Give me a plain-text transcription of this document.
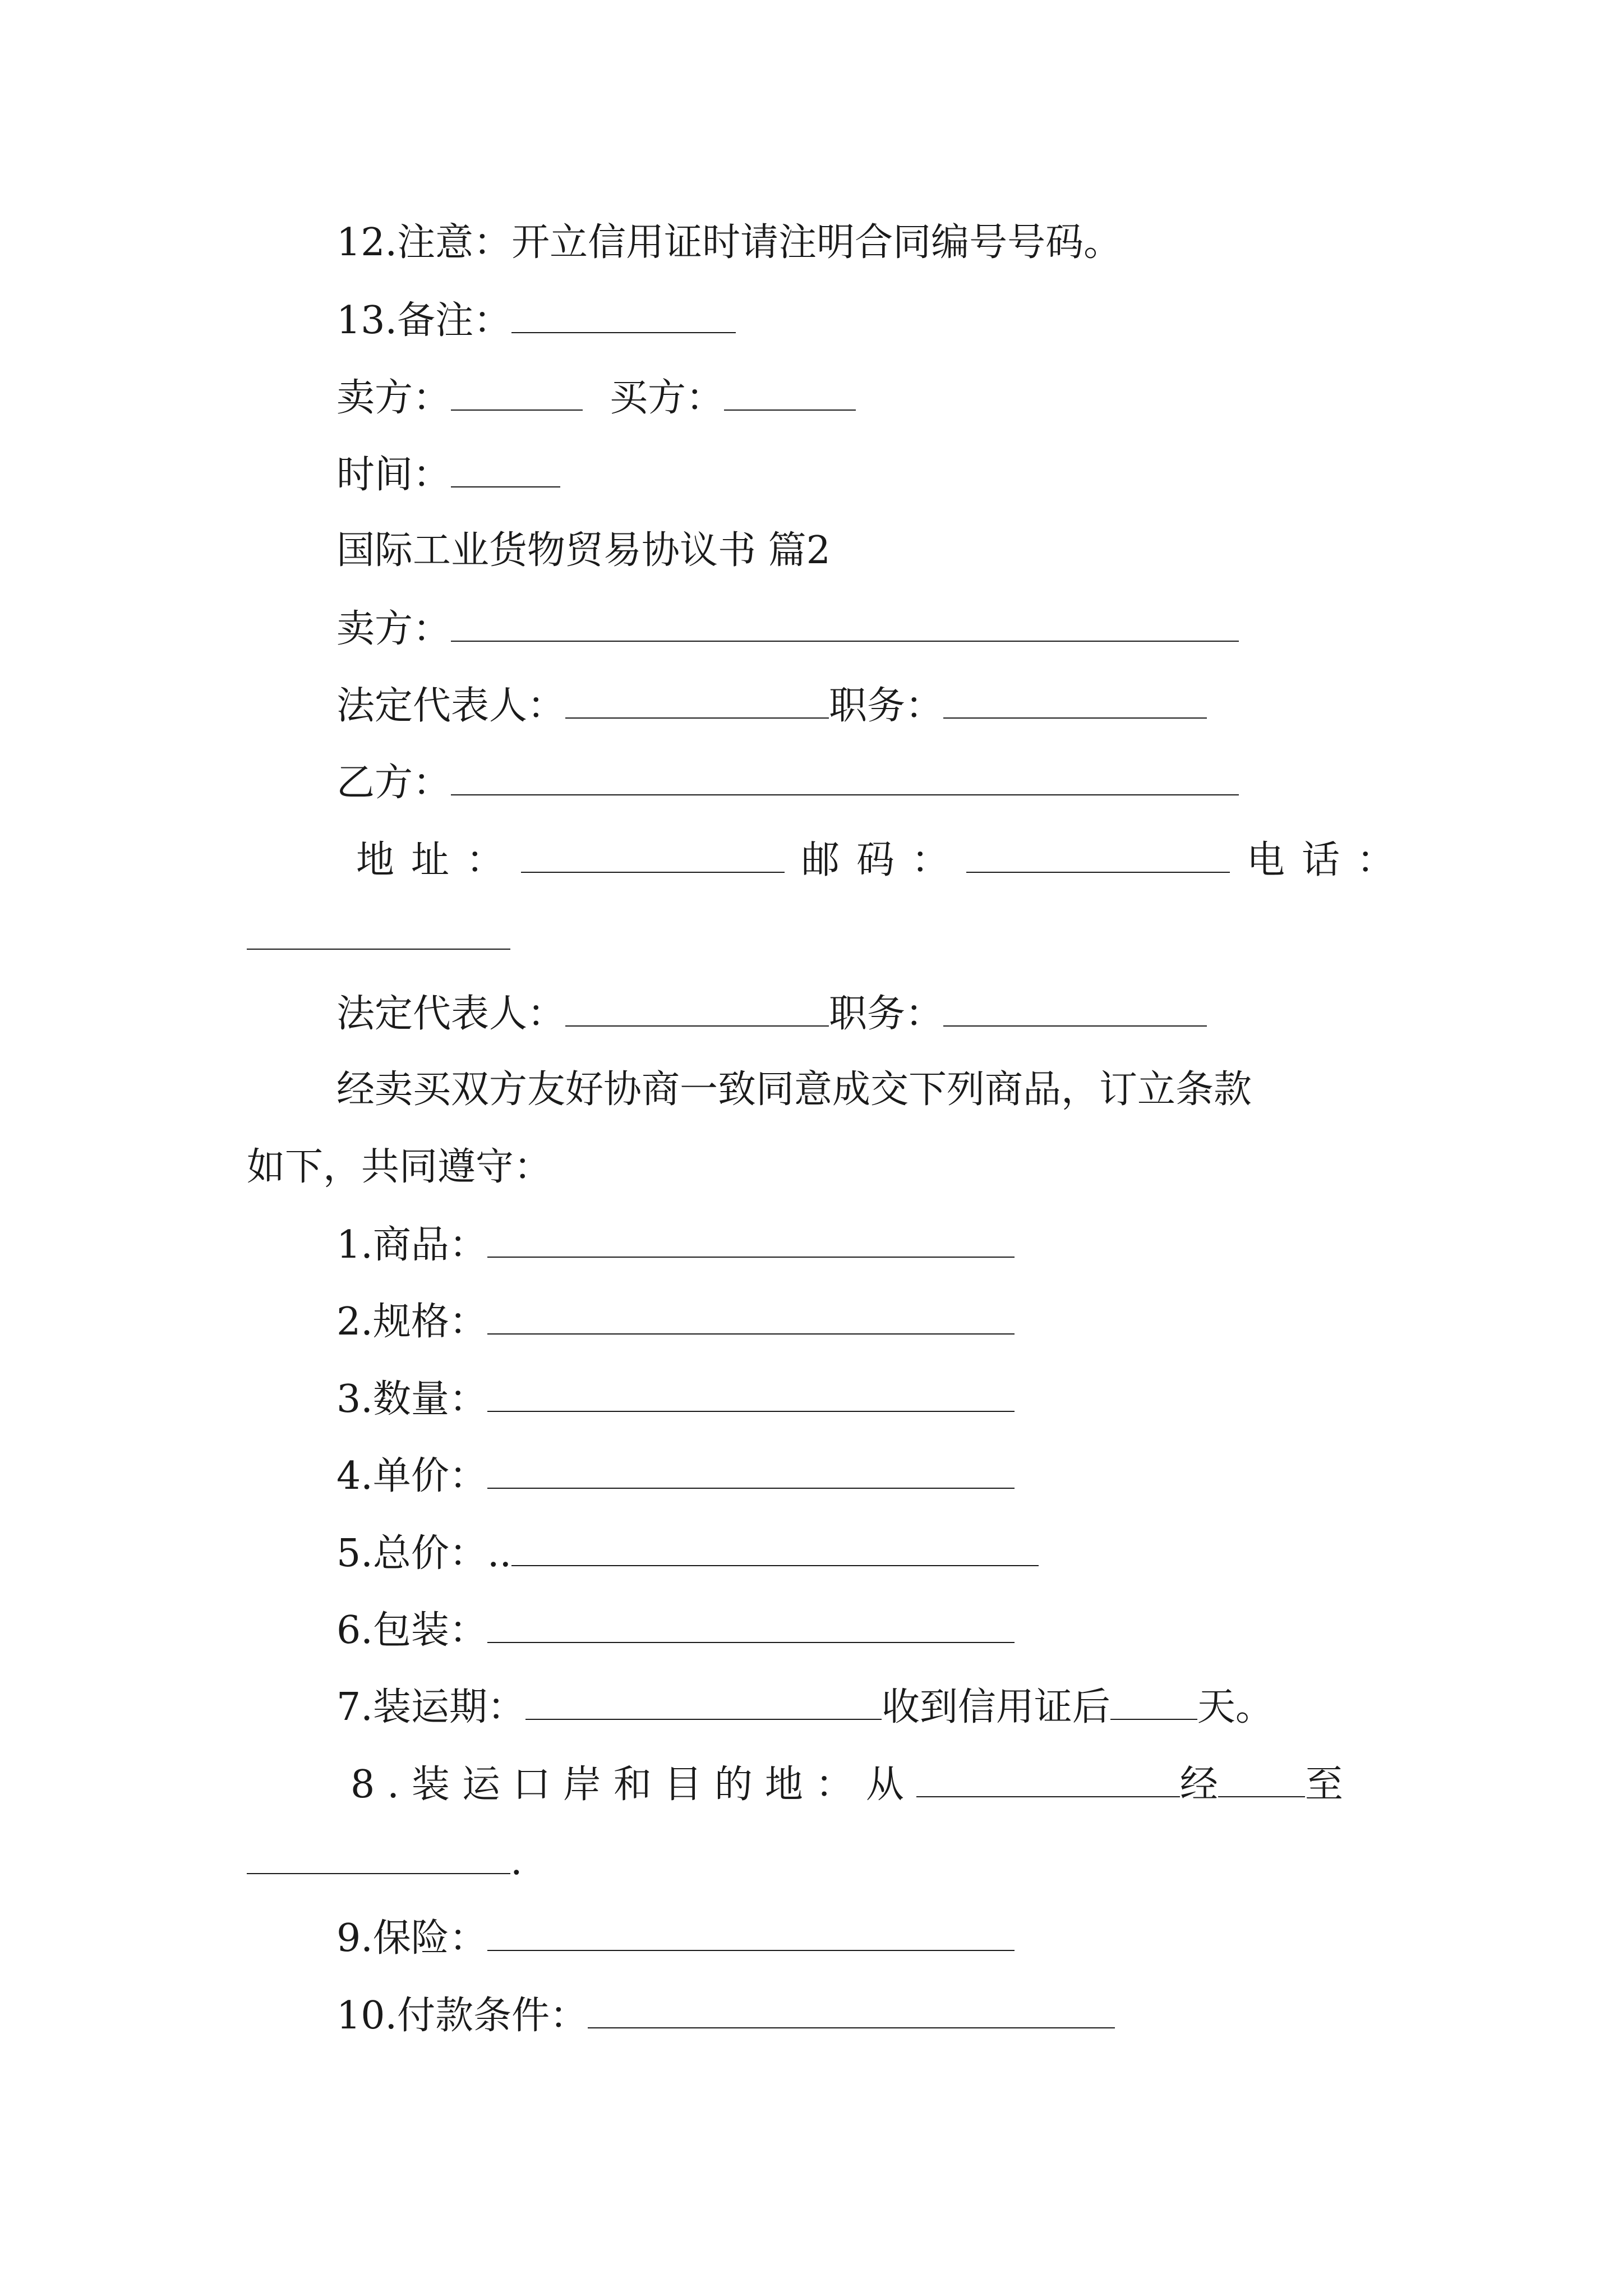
12.注意：开立信用证时请注明合同编号号码。
13.备注：
卖方：	买方：
时间：
国际工业货物贸易协议书 篇2
卖方：
法定代表人：	职务：
乙方：
地址：	邮码：	电话：
法定代表人：	职务：
经卖买双方友好协商一致同意成交下列商品，订立条款
如下，共同遵守：
1.商品：
2.规格：
3.数量：
4.单价：
5.总价：..
6.包装：
7.装运期：	收到信用证后 天。
8.装运口岸和目的地：从	经 至
.
9.保险：
10.付款条件：
